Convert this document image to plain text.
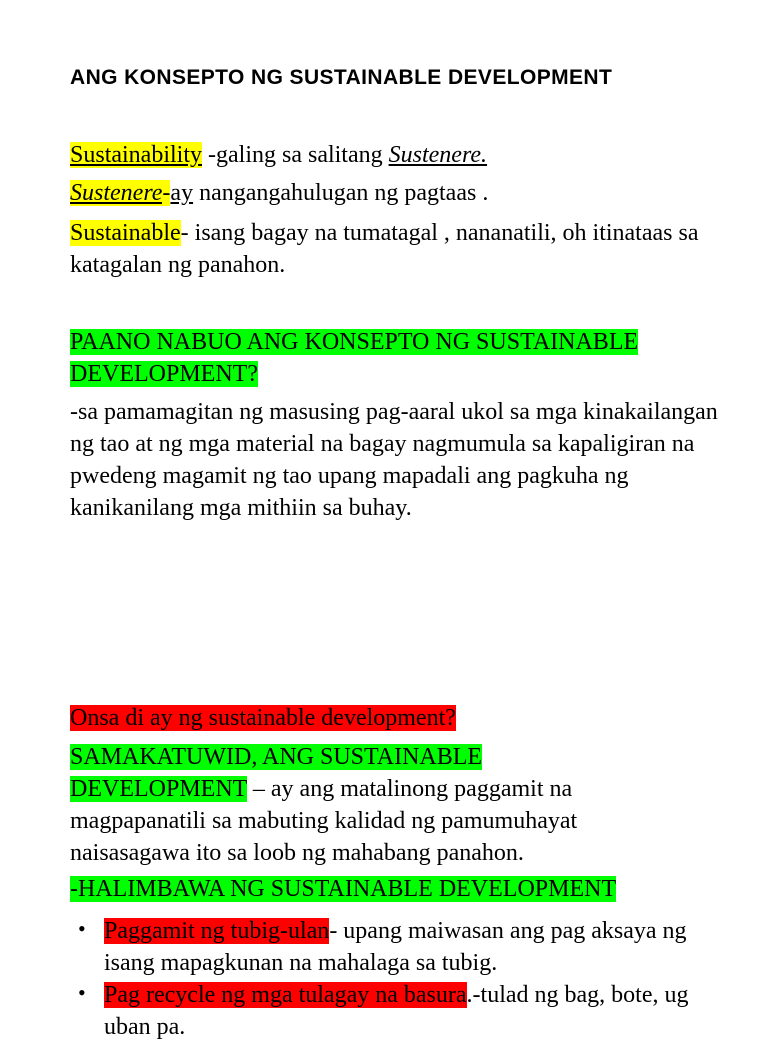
ANG KONSEPTO NG SUSTAINABLE DEVELOPMENT
Sustainability -galing sa salitang Sustenere.
Sustenere-ay nangangahulugan ng pagtaas .
Sustainable- isang bagay na tumatagal , nananatili, oh itinataas sa katagalan ng panahon.
PAANO NABUO ANG KONSEPTO NG SUSTAINABLE
DEVELOPMENT?
-sa pamamagitan ng masusing pag-aaral ukol sa mga kinakailangan ng tao at ng mga material na bagay nagmumula sa kapaligiran na pwedeng magamit ng tao upang mapadali ang pagkuha ng kanikanilang mga mithiin sa buhay.
Onsa di ay ng sustainable development?
SAMAKATUWID, ANG SUSTAINABLE
DEVELOPMENT – ay ang matalinong paggamit na
magpapanatili sa mabuting kalidad ng pamumuhayat naisasagawa ito sa loob ng mahabang panahon.
-HALIMBAWA NG SUSTAINABLE DEVELOPMENT
• Paggamit ng tubig-ulan- upang maiwasan ang pag aksaya ng isang mapagkunan na mahalaga sa tubig.
• Pag recycle ng mga tulagay na basura.-tulad ng bag, bote, ug uban pa.
